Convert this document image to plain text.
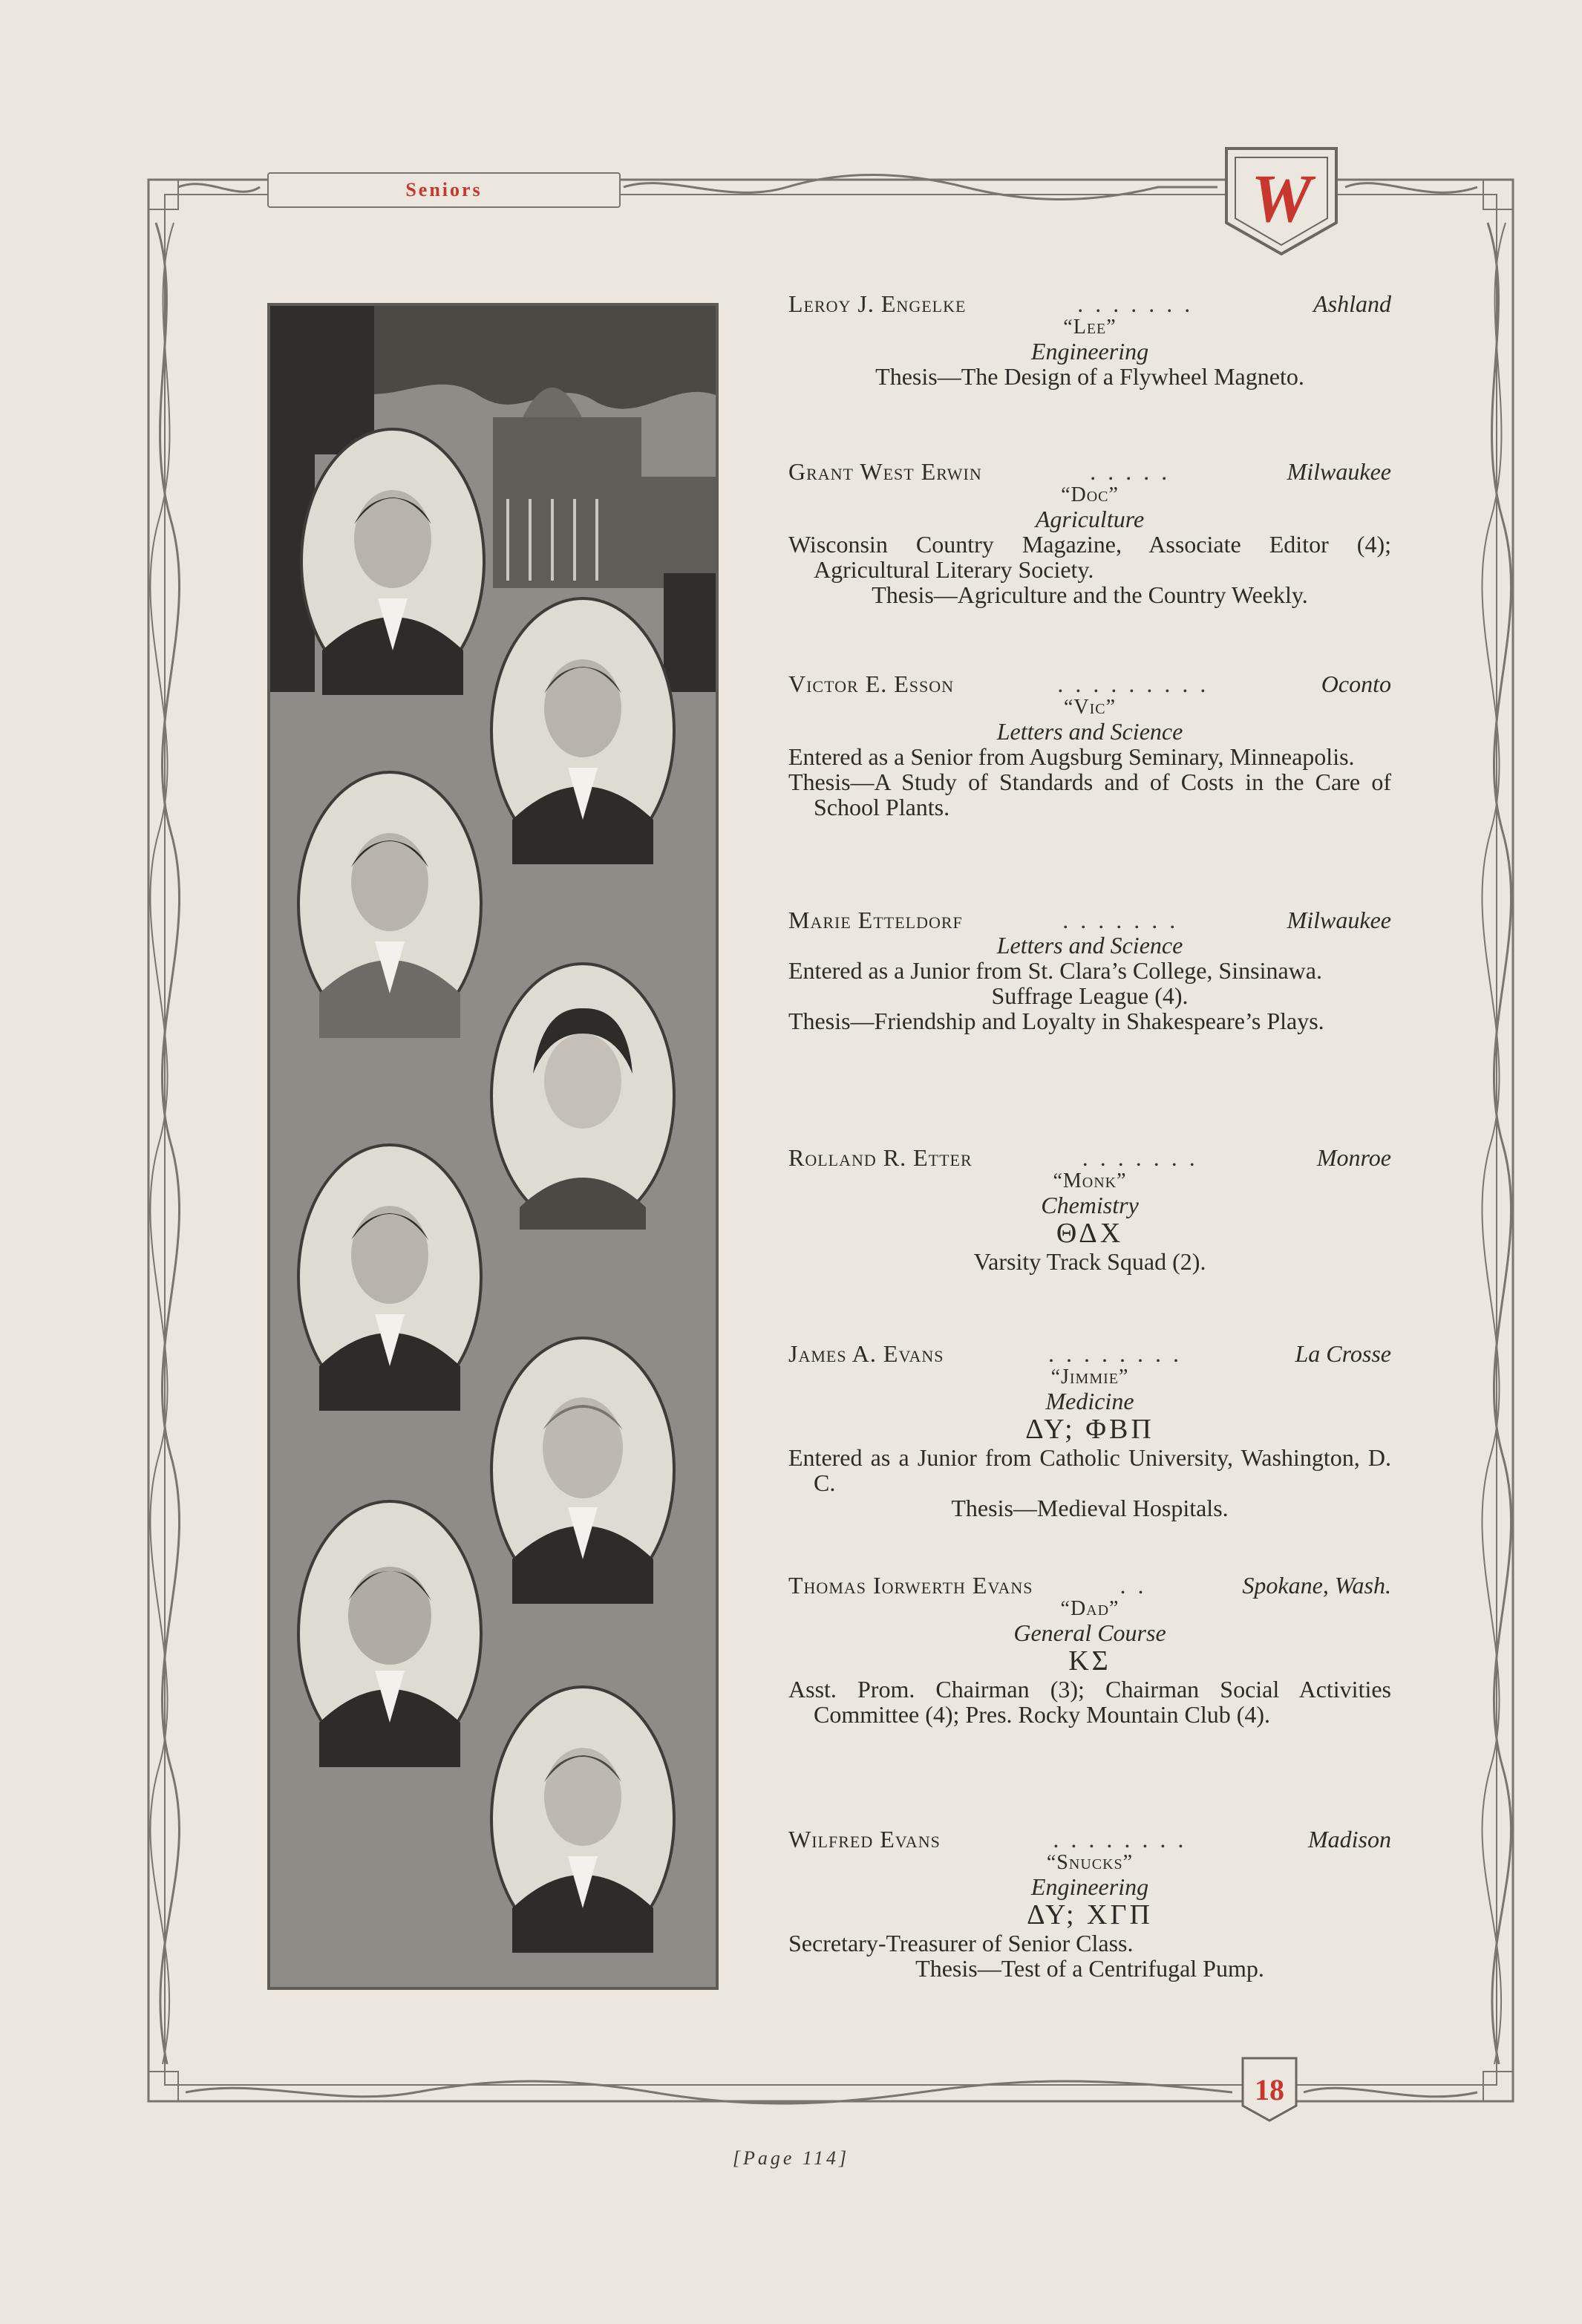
Seniors	W
Leroy J. Engelke	.......	Ashland
“Lee”
Engineering
Thesis—The Design of a Flywheel Magneto.
Grant West Erwin	.....	Milwaukee
“Doc”
Agriculture
Wisconsin Country Magazine, Associate Editor (4); Agricultural Literary Society.
Thesis—Agriculture and the Country Weekly.
Victor E. Esson	.........	Oconto
“Vic”
Letters and Science
Entered as a Senior from Augsburg Seminary, Minneapolis.
Thesis—A Study of Standards and of Costs in the Care of School Plants.
Marie Etteldorf	.......	Milwaukee
Letters and Science
Entered as a Junior from St. Clara’s College, Sinsinawa.
Suffrage League (4).
Thesis—Friendship and Loyalty in Shakespeare’s Plays.
Rolland R. Etter	.......	Monroe
“Monk”
Chemistry
ΘΔΧ
Varsity Track Squad (2).
James A. Evans	........	La Crosse
“Jimmie”
Medicine
ΔΥ; ΦΒΠ
Entered as a Junior from Catholic University, Washington, D. C.
Thesis—Medieval Hospitals.
Thomas Iorwerth Evans	..	Spokane, Wash.
“Dad”
General Course
ΚΣ
Asst. Prom. Chairman (3); Chairman Social Activities Committee (4); Pres. Rocky Mountain Club (4).
Wilfred Evans	........	Madison
“Snucks”
Engineering
ΔΥ; ΧΓΠ
Secretary-Treasurer of Senior Class.
Thesis—Test of a Centrifugal Pump.
18
[Page 114]
